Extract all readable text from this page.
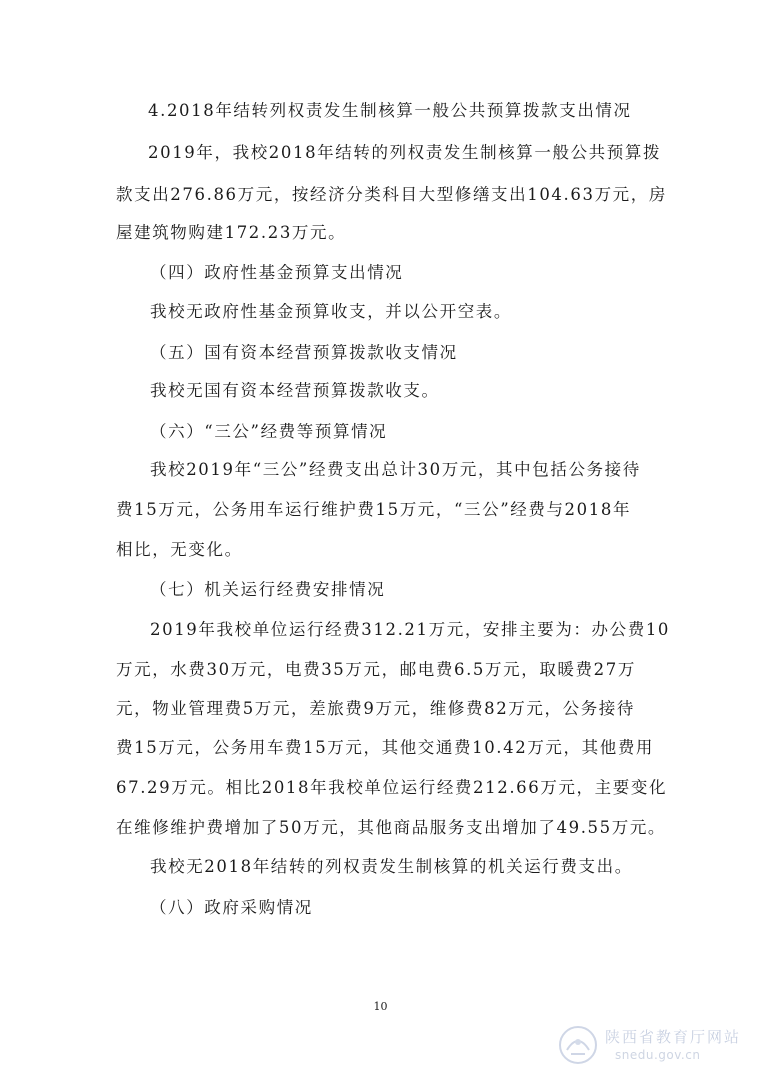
4.2018年结转列权责发生制核算一般公共预算拨款支出情况
2019年，我校2018年结转的列权责发生制核算一般公共预算拨
款支出276.86万元，按经济分类科目大型修缮支出104.63万元，房
屋建筑物购建172.23万元。
（四）政府性基金预算支出情况
我校无政府性基金预算收支，并以公开空表。
（五）国有资本经营预算拨款收支情况
我校无国有资本经营预算拨款收支。
（六）“三公”经费等预算情况
我校2019年“三公”经费支出总计30万元，其中包括公务接待
费15万元，公务用车运行维护费15万元，“三公”经费与2018年
相比，无变化。
（七）机关运行经费安排情况
2019年我校单位运行经费312.21万元，安排主要为：办公费10
万元，水费30万元，电费35万元，邮电费6.5万元，取暖费27万
元，物业管理费5万元，差旅费9万元，维修费82万元，公务接待
费15万元，公务用车费15万元，其他交通费10.42万元，其他费用
67.29万元。相比2018年我校单位运行经费212.66万元，主要变化
在维修维护费增加了50万元，其他商品服务支出增加了49.55万元。
我校无2018年结转的列权责发生制核算的机关运行费支出。
（八）政府采购情况
10
陕西省教育厅网站
snedu.gov.cn
